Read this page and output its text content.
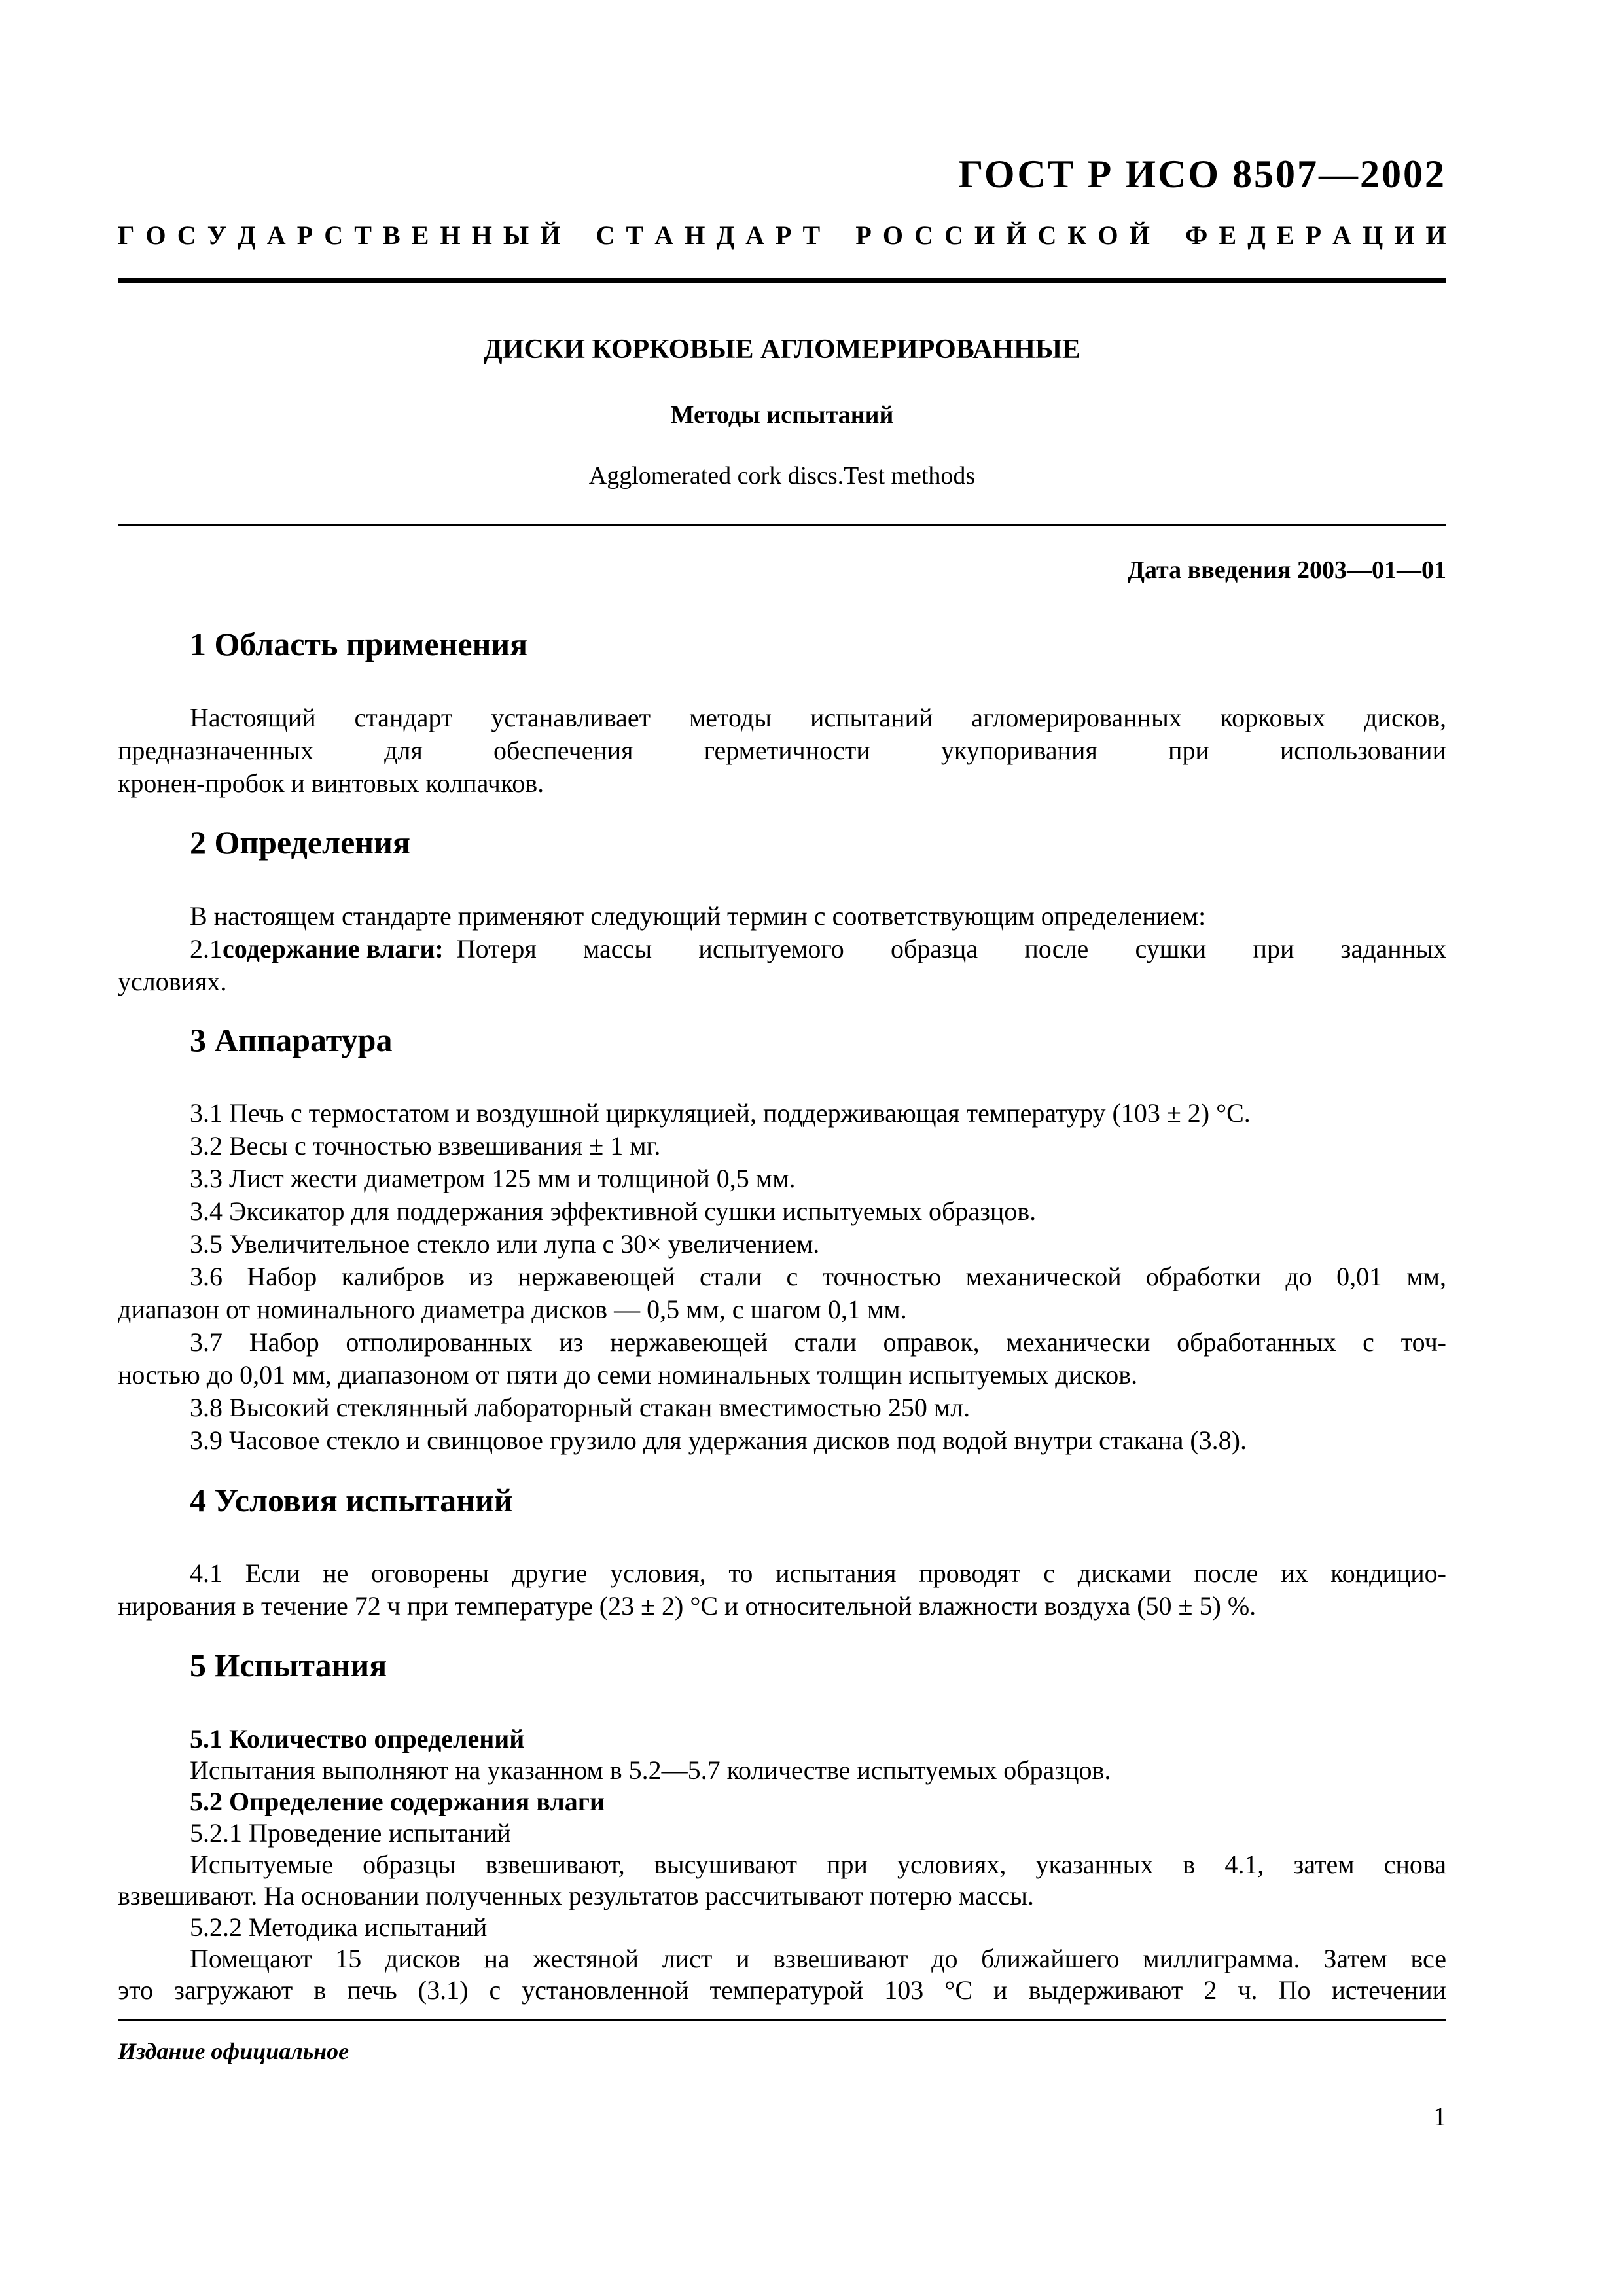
ГОСТ Р ИСО 8507—2002
Г О С У Д А Р С Т В Е Н Н Ы Й
С Т А Н Д А Р Т
Р О С С И Й С К О Й
Ф Е Д Е Р А Ц И И
ДИСКИ КОРКОВЫЕ АГЛОМЕРИРОВАННЫЕ
Методы испытаний
Agglomerated cork discs.Test methods
Дата введения 2003—01—01
1 Область применения
Настоящий стандарт устанавливает методы испытаний агломерированных корковых дисков,
предназначенных для обеспечения герметичности укупоривания при использовании
кронен-пробок и винтовых колпачков.
2 Определения
В настоящем стандарте применяют следующий термин с соответствующим определением:
2.1 содержание влаги: Потеря массы испытуемого образца после сушки при заданных
условиях.
3 Аппаратура
3.1 Печь с термостатом и воздушной циркуляцией, поддерживающая температуру (103 ± 2) °С.
3.2 Весы с точностью взвешивания ± 1 мг.
3.3 Лист жести диаметром 125 мм и толщиной 0,5 мм.
3.4 Эксикатор для поддержания эффективной сушки испытуемых образцов.
3.5 Увеличительное стекло или лупа с 30× увеличением.
3.6 Набор калибров из нержавеющей стали с точностью механической обработки до 0,01 мм,
диапазон от номинального диаметра дисков — 0,5 мм, с шагом 0,1 мм.
3.7 Набор отполированных из нержавеющей стали оправок, механически обработанных с точ-
ностью до 0,01 мм, диапазоном от пяти до семи номинальных толщин испытуемых дисков.
3.8 Высокий стеклянный лабораторный стакан вместимостью 250 мл.
3.9 Часовое стекло и свинцовое грузило для удержания дисков под водой внутри стакана (3.8).
4 Условия испытаний
4.1 Если не оговорены другие условия, то испытания проводят с дисками после их кондицио-
нирования в течение 72 ч при температуре (23 ± 2) °С и относительной влажности воздуха (50 ± 5) %.
5 Испытания
5.1 Количество определений
Испытания выполняют на указанном в 5.2—5.7 количестве испытуемых образцов.
5.2 Определение содержания влаги
5.2.1 Проведение испытаний
Испытуемые образцы взвешивают, высушивают при условиях, указанных в 4.1, затем снова
взвешивают. На основании полученных результатов рассчитывают потерю массы.
5.2.2 Методика испытаний
Помещают 15 дисков на жестяной лист и взвешивают до ближайшего миллиграмма. Затем все
это загружают в печь (3.1) с установленной температурой 103 °С и выдерживают 2 ч. По истечении
Издание официальное
1
